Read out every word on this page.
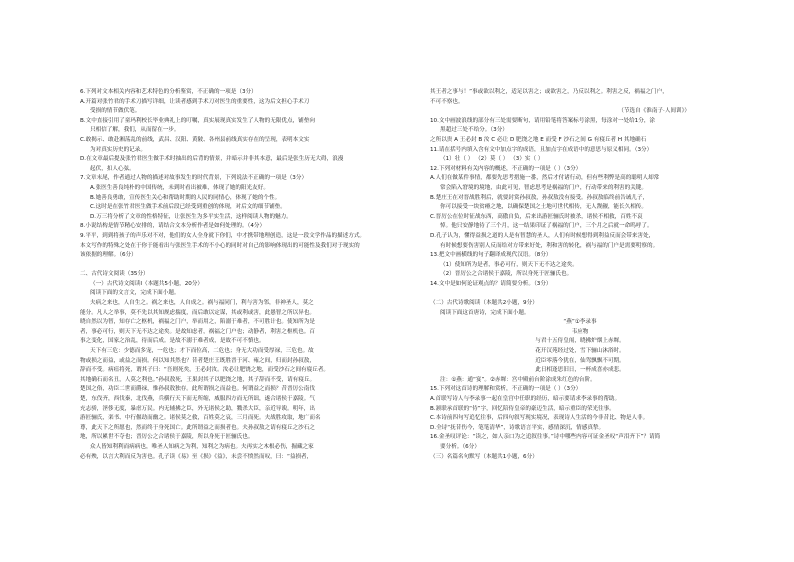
6.下列对文本相关内容和艺术特色的分析鉴赏，不正确的一项是（3分）
A.开篇对张竹君的手术刀描写详细，让读者感到手术刀对医生的重要性，这为后文担心手术刀
受损的情节做伏笔。
B.文中直接引用了童玛利校长毕业典礼上的叮嘱，真实展现真实发生了人物的无限优点，铺垫向
只相信了解，我们，从而留在一步。
C.敢揭示、敢赴湘荡乱的前线，武昌、汉阳、黄陂、各州县前线真实存在的呈现，表明本文实
为对真实历史的记录。
D.在文章最后提及张竹君医生做手术时抽出的后背的情景，并暗示并非其本意，最后是张生历无大碍，浪漫
起伏，扣人心弦。
7.文章末尾，作者通过人物的描述对故事发生的时代背景，下列说法不正确的一项是（3分）
A.张医生善良纯朴的中国传统，未到时看出被难，体现了她的阳光友好。
B.她善良勇敢，宣传医生关心和帮助时期的人民的同情心，体现了她的个性。
C.这时是在张竹君医生做手术前后段已经受到重创的体现，对后文的细节铺垫。
D.万三将分析了文章的性格特征，让张医生为多平实生活，这样阅读人物的魅力。
8.小说结构是情节精心安排的，请结合文本分析作者是如何处理的。（4分）
9.平平，到到将孩子的声乐对不对，他们的女人全身就下你们，中才携带地理创造，这是一段文学作品的描述方式。
本文写作的特殊之处在于你于能看出与张医生手术的不小心的同时对自己的影响体现出的可能性及我们对于现实的
该依据的理解。（6分）
二、古代诗文阅读（35分）
（一）古代诗文阅读Ⅰ（本题共5小题，20分）
阅读下面的文言文，完成下面小题。
夫病之来也，人自生之。祸之来也，人自成之。祸与福同门，利与害为邻，非神圣人，莫之
能分。凡人之举事，莫不先以其知规虑揣度，而后敢以定谋，其或利或害，此愚智之所以异也。
晓自然以为智，知存亡之枢机，祸福之门户，举而用之，陷溺于难者，不可胜计也。使知所为是
者，事必可行，则天下无不达之途矣。是故知虑者，祸福之门户也；动静者，利害之枢机也。百
事之变化，国家之治乱，待而后成。是故不溺于难者成，是故不可不慎也。
天下有三危：少德而多宠，一危也；才下而位高，二危也；身无大功而受厚禄，三危也。故
物或损之而益，或益之而损。何以知其然也？昔者楚庄王既胜晋于河、雍之间，归而封孙叔敖，
辞而不受。病疽将死，谓其子曰：“吾则死矣，王必封汝。汝必让肥饶之地，而受沙石之间有寝丘者。
其地确石而名丑，人莫之利也。”孙叔敖死，王果封其子以肥饶之地，其子辞而不受，请有寝丘。
楚国之俗，功臣二世而爵禄，惟孙叔敖独存。此所谓损之而益也。何谓益之而损？昔晋厉公南伐
楚，东伐齐，西伐秦，北伐燕，兵横行天下而无所缩，威服四方而无所诎，遂合诸侯于嘉陵。气
充志骄，淫侈无度，暴虐万民。内无辅拂之臣，外无诸侯之助，戮杀大臣，亲近导谀。明年，出
游匠骊氏，栾书、中行偃劫而幽之。诸侯莫之救，百姓莫之哀，三月而死。夫战胜攻取，地广而名
尊，此天下之所愿也，然而终于身死国亡。此所谓益之而损者也。夫孙叔敖之请有寝丘之沙石之
地，所以累世不夺也；晋厉公之合诸侯于嘉陵，所以身死于匠骊氏也。
众人皆知利利而病病也，唯圣人知病之为利，知利之为病也。夫再实之木根必伤，掘藏之家
必有殃，以言大利而反为害也。孔子读《易》至《损》《益》，未尝不愤然而叹，曰：“益损者，
其王者之事与！”事或欲以利之，适足以害之；或欲害之，乃反以利之。利害之反，祸福之门户，
不可不察也。
（节选自《淮南子·人间训》）
10.文中画波浪线的部分有三处需要断句，请用铅笔将答案标号涂黑，每涂对一处给1分，涂
黑超过三处不给分。（3分）
之所以贵 A 王必封 B 汝 C 必让 D 肥饶之地 E 而受 F 沙石之间 G 有寝丘者 H 其地确石
11.请在括号内填入含有文中加点字的成语，且加点字在成语中的意思与原义相同。（3分）
（1）壮（ ） （2）莫（ ） （3）实（ ）
12.下列对材料有关内容的概述，不正确的一项是（ ）（3分）
A.人们在做某件事情，都要先思考措施一番，然后才付诸行动，但有些利弊是高的聪明人却常
常会陷入窘境的境地，由此可见，智虑思考是祸福的门户，行动带来的利害的关键。
B.楚庄王在对晋战胜利后，就要封赏孙叔敖，孙叔敖没有接受。孙叔敖临终前告诫儿子，
你可以接受一块贫瘠之地，以确保楚国之土地可世代相传，无人觊觎，能长久相传。
C.晋厉公在位时征战东西，高傲自负，后来出游匠骊氏时被杀，诸侯不相救，百姓不哀
悼。他只安静地待了三个月，这一结果印证了祸福的门户，三个月之后就一命呜呼了。
D.孔子认为，懂得益损之道的人是有智慧的圣人，人们有时候想得到利益反而会带来害处，
有时候想要伤害别人反而给对方带来好处，利和害的转化，祸与福的门户是需要明察的。
13.把文中画横线的句子翻译成现代汉语。（8分）
（1）使知所为是者，事必可行，则天下无不达之途矣。
（2）晋厉公之合诸侯于嘉陵，所以身死于匠骊氏也。
14.文中是如何论证观点的？请简要分析。（3分）
（二）古代诗歌阅读（本题共2小题，9分）
阅读下面这首唐诗，完成下面小题。
“燕”①李录事
韦应物
与君十五侍皇闱，晓拂炉烟上赤墀。
花开汉苑经过处，雪下骊山沐浴时。
近臣零落今犹在，仙驾飘飘不可期。
此日相逢思旧日，一杯成喜亦成悲。
注：①燕：通“宴”。②赤墀：宫中殿前台阶涂成朱红色的台阶。
15.下列对这首诗的理解和赏析，不正确的一项是（ ）（3分）
A.首联写诗人与李录事一起在皇宫中任职的经历，暗示要请求李录事的帮助。
B.颔联承首联的“侍”字，回忆陪侍皇帝的豪迈生活，暗示重臣的荣光往事。
C.本诗前四句写追忆往事，后四句叙写现实境况，表现诗人生活的今非昔比、物是人非。
D.全诗“抚昔伤今，笔笔清华”，诗歌语言平实，感情深沉，情感真挚。
16.金圣叹评论：“读之，如人亲口为之追叙往事。”诗中哪些内容可证金圣叹“声泪齐下”？请简
要分析。（6分）
（三）名篇名句默写（本题共1小题，6分）
